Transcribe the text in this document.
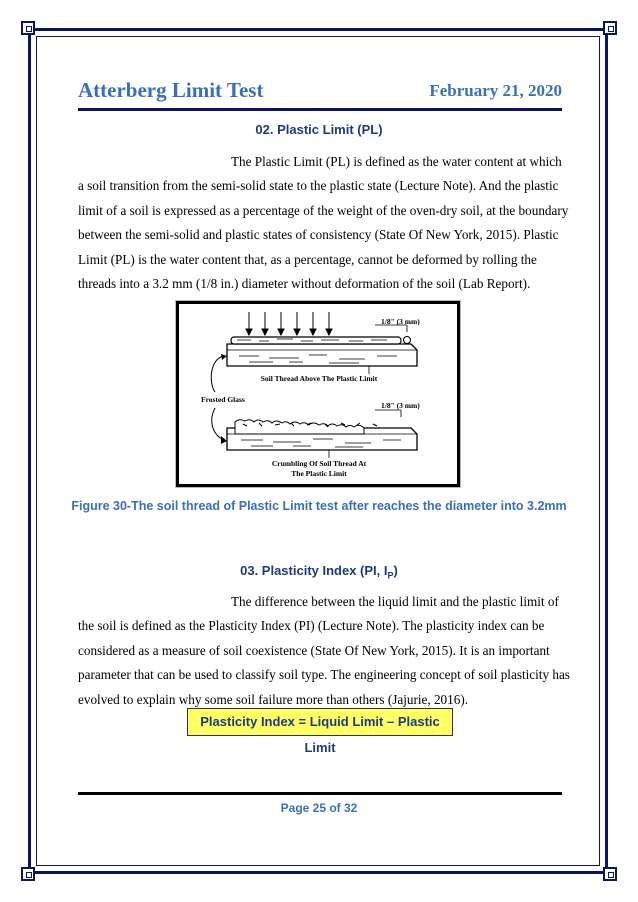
Atterberg Limit Test	February 21, 2020
02. Plastic Limit (PL)
The Plastic Limit (PL) is defined as the water content at which
a soil transition from the semi-solid state to the plastic state (Lecture Note). And the plastic
limit of a soil is expressed as a percentage of the weight of the oven-dry soil, at the boundary
between the semi-solid and plastic states of consistency (State Of New York, 2015). Plastic
Limit (PL) is the water content that, as a percentage, cannot be deformed by rolling the
threads into a 3.2 mm (1/8 in.) diameter without deformation of the soil (Lab Report).
1/8" (3 mm)
Soil Thread Above The Plastic Limit
Frosted Glass
1/8" (3 mm)
Crumbling Of Soil Thread At
The Plastic Limit
Figure 30-The soil thread of Plastic Limit test after reaches the diameter into 3.2mm
03. Plasticity Index (PI, $I_P$)
The difference between the liquid limit and the plastic limit of
the soil is defined as the Plasticity Index (PI) (Lecture Note). The plasticity index can be
considered as a measure of soil coexistence (State Of New York, 2015). It is an important
parameter that can be used to classify soil type. The engineering concept of soil plasticity has
evolved to explain why some soil failure more than others (Jajurie, 2016).
Plasticity Index = Liquid Limit – Plastic Limit
Page 25 of 32
